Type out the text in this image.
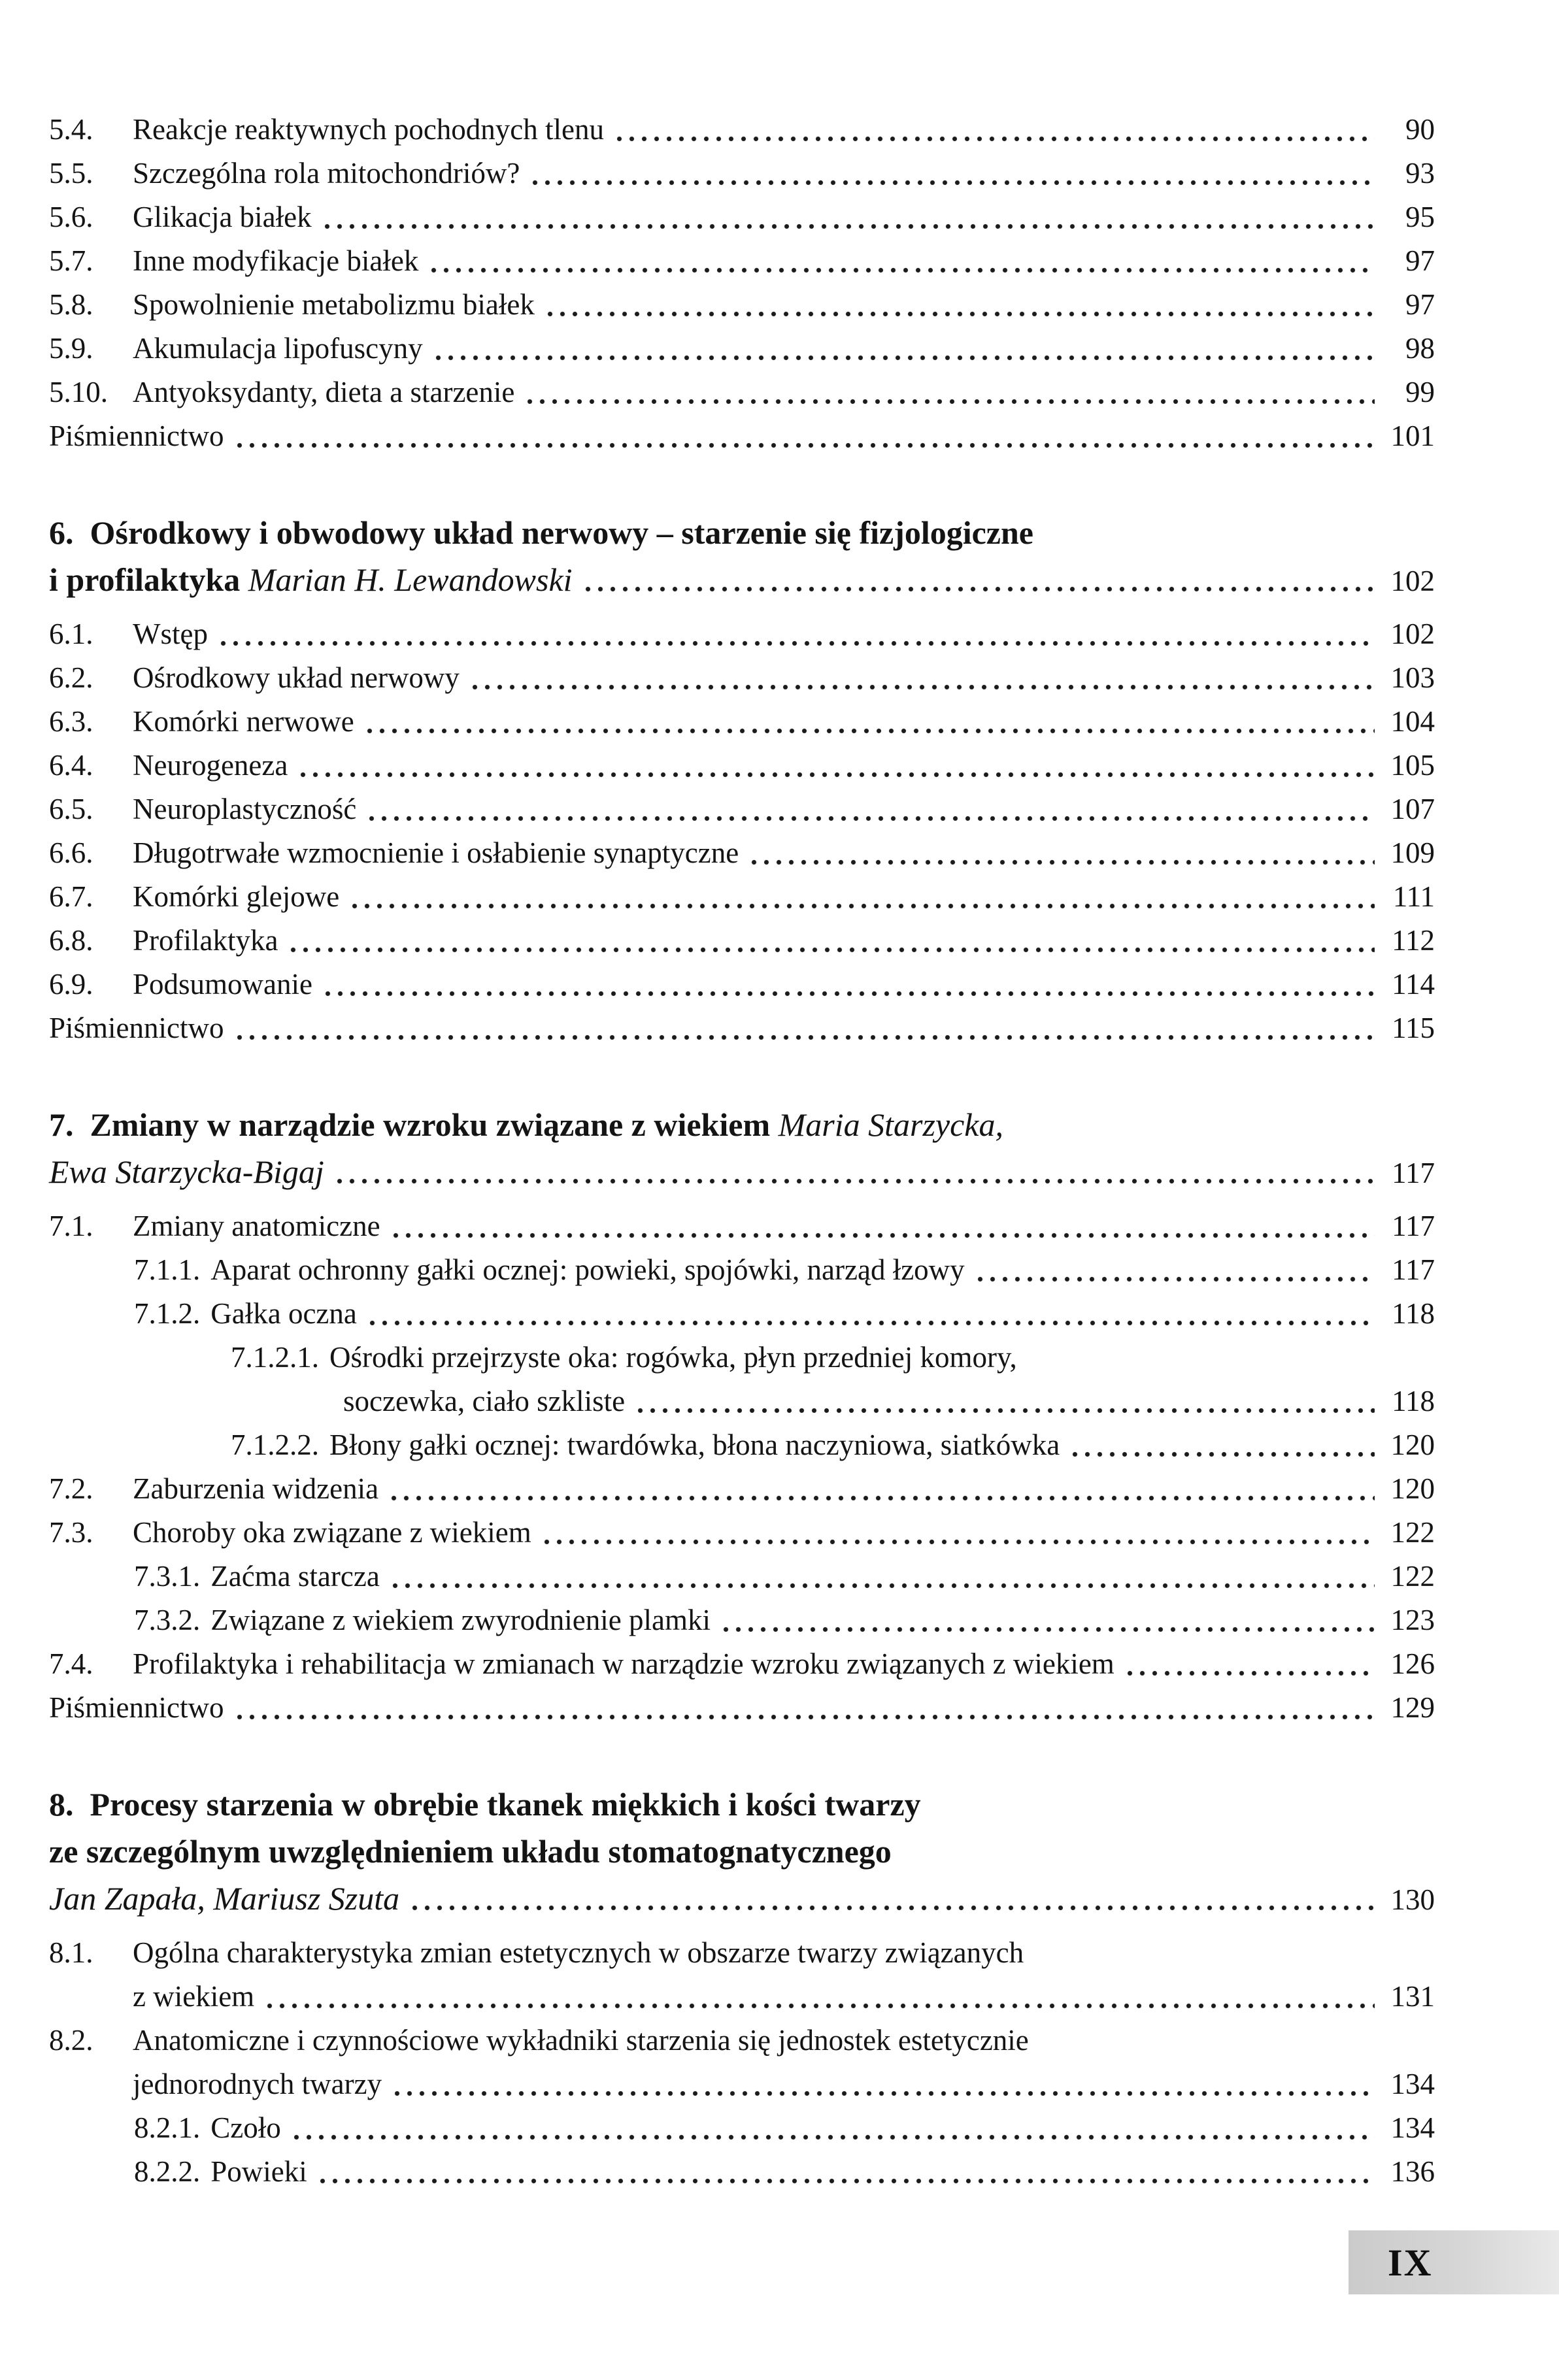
5.4.	Reakcje reaktywnych pochodnych tlenu	90
5.5.	Szczególna rola mitochondriów?	93
5.6.	Glikacja białek	95
5.7.	Inne modyfikacje białek	97
5.8.	Spowolnienie metabolizmu białek	97
5.9.	Akumulacja lipofuscyny	98
5.10. Antyoksydanty, dieta a starzenie	99
Piśmiennictwo	101
6.  Ośrodkowy i obwodowy układ nerwowy – starzenie się fizjologiczne
i profilaktyka Marian H. Lewandowski	102
6.1.	Wstęp	102
6.2.	Ośrodkowy układ nerwowy	103
6.3.	Komórki nerwowe	104
6.4.	Neurogeneza	105
6.5.	Neuroplastyczność	107
6.6.	Długotrwałe wzmocnienie i osłabienie synaptyczne	109
6.7.	Komórki glejowe	111
6.8.	Profilaktyka	112
6.9.	Podsumowanie	114
Piśmiennictwo	115
7.  Zmiany w narządzie wzroku związane z wiekiem Maria Starzycka,
Ewa Starzycka-Bigaj	117
7.1.	Zmiany anatomiczne	117
7.1.1. Aparat ochronny gałki ocznej: powieki, spojówki, narząd łzowy	117
7.1.2. Gałka oczna	118
7.1.2.1. Ośrodki przejrzyste oka: rogówka, płyn przedniej komory,
soczewka, ciało szkliste	118
7.1.2.2. Błony gałki ocznej: twardówka, błona naczyniowa, siatkówka	120
7.2.	Zaburzenia widzenia	120
7.3.	Choroby oka związane z wiekiem	122
7.3.1. Zaćma starcza	122
7.3.2. Związane z wiekiem zwyrodnienie plamki	123
7.4.	Profilaktyka i rehabilitacja w zmianach w narządzie wzroku związanych z wiekiem	126
Piśmiennictwo	129
8.  Procesy starzenia w obrębie tkanek miękkich i kości twarzy
ze szczególnym uwzględnieniem układu stomatognatycznego
Jan Zapała, Mariusz Szuta	130
8.1.	Ogólna charakterystyka zmian estetycznych w obszarze twarzy związanych
z wiekiem	131
8.2.	Anatomiczne i czynnościowe wykładniki starzenia się jednostek estetycznie
jednorodnych twarzy	134
8.2.1. Czoło	134
8.2.2. Powieki	136
IX
